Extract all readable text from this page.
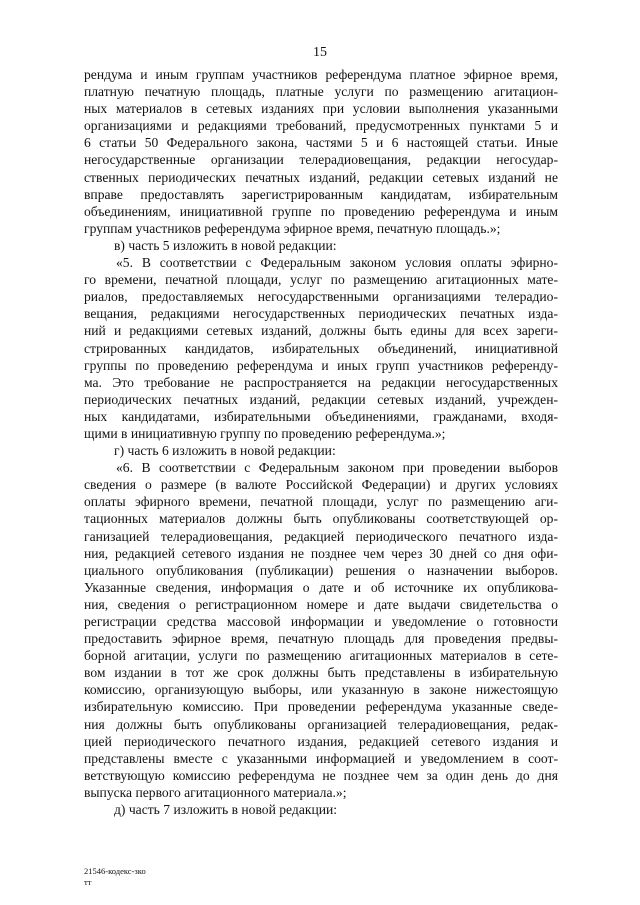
15
рендума и иным группам участников референдума платное эфирное время,
платную печатную площадь, платные услуги по размещению агитацион-
ных материалов в сетевых изданиях при условии выполнения указанными
организациями и редакциями требований, предусмотренных пунктами 5 и
6 статьи 50 Федерального закона, частями 5 и 6 настоящей статьи. Иные
негосударственные организации телерадиовещания, редакции негосудар-
ственных периодических печатных изданий, редакции сетевых изданий не
вправе предоставлять зарегистрированным кандидатам, избирательным
объединениям, инициативной группе по проведению референдума и иным
группам участников референдума эфирное время, печатную площадь.»;
в) часть 5 изложить в новой редакции:
«5. В соответствии с Федеральным законом условия оплаты эфирно-
го времени, печатной площади, услуг по размещению агитационных мате-
риалов, предоставляемых негосударственными организациями телерадио-
вещания, редакциями негосударственных периодических печатных изда-
ний и редакциями сетевых изданий, должны быть едины для всех зареги-
стрированных кандидатов, избирательных объединений, инициативной
группы по проведению референдума и иных групп участников референду-
ма. Это требование не распространяется на редакции негосударственных
периодических печатных изданий, редакции сетевых изданий, учрежден-
ных кандидатами, избирательными объединениями, гражданами, входя-
щими в инициативную группу по проведению референдума.»;
г) часть 6 изложить в новой редакции:
«6. В соответствии с Федеральным законом при проведении выборов
сведения о размере (в валюте Российской Федерации) и других условиях
оплаты эфирного времени, печатной площади, услуг по размещению аги-
тационных материалов должны быть опубликованы соответствующей ор-
ганизацией телерадиовещания, редакцией периодического печатного изда-
ния, редакцией сетевого издания не позднее чем через 30 дней со дня офи-
циального опубликования (публикации) решения о назначении выборов.
Указанные сведения, информация о дате и об источнике их опубликова-
ния, сведения о регистрационном номере и дате выдачи свидетельства о
регистрации средства массовой информации и уведомление о готовности
предоставить эфирное время, печатную площадь для проведения предвы-
борной агитации, услуги по размещению агитационных материалов в сете-
вом издании в тот же срок должны быть представлены в избирательную
комиссию, организующую выборы, или указанную в законе нижестоящую
избирательную комиссию. При проведении референдума указанные сведе-
ния должны быть опубликованы организацией телерадиовещания, редак-
цией периодического печатного издания, редакцией сетевого издания и
представлены вместе с указанными информацией и уведомлением в соот-
ветствующую комиссию референдума не позднее чем за один день до дня
выпуска первого агитационного материала.»;
д) часть 7 изложить в новой редакции:
21546-кодекс-зко
тт
